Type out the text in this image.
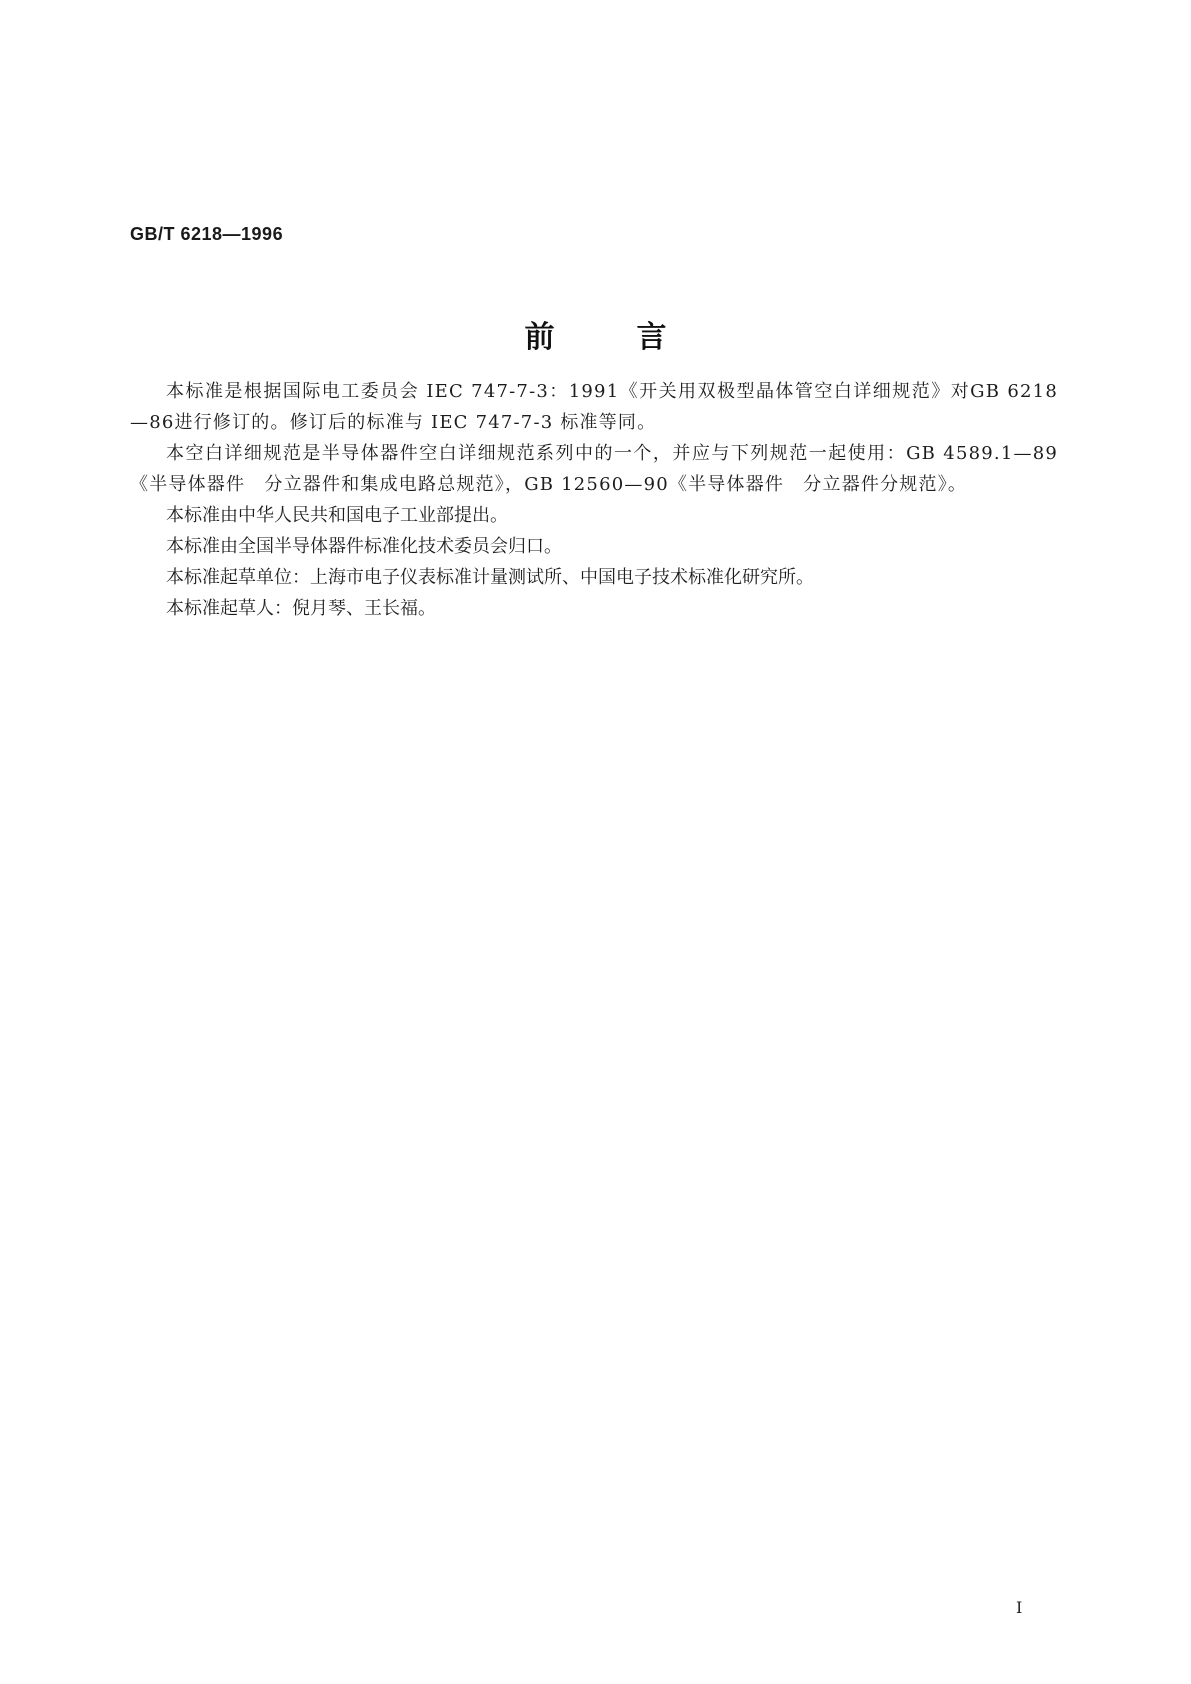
GB/T 6218—1996
前	言

本标准是根据国际电工委员会 IEC 747-7-3：1991《开关用双极型晶体管空白详细规范》对GB 6218—86进行修订的。修订后的标准与 IEC 747-7-3 标准等同。

本空白详细规范是半导体器件空白详细规范系列中的一个，并应与下列规范一起使用：GB 4589.1—89《半导体器件　分立器件和集成电路总规范》，GB 12560—90《半导体器件　分立器件分规范》。

本标准由中华人民共和国电子工业部提出。

本标准由全国半导体器件标准化技术委员会归口。

本标准起草单位：上海市电子仪表标准计量测试所、中国电子技术标准化研究所。

本标准起草人：倪月琴、王长福。

I
